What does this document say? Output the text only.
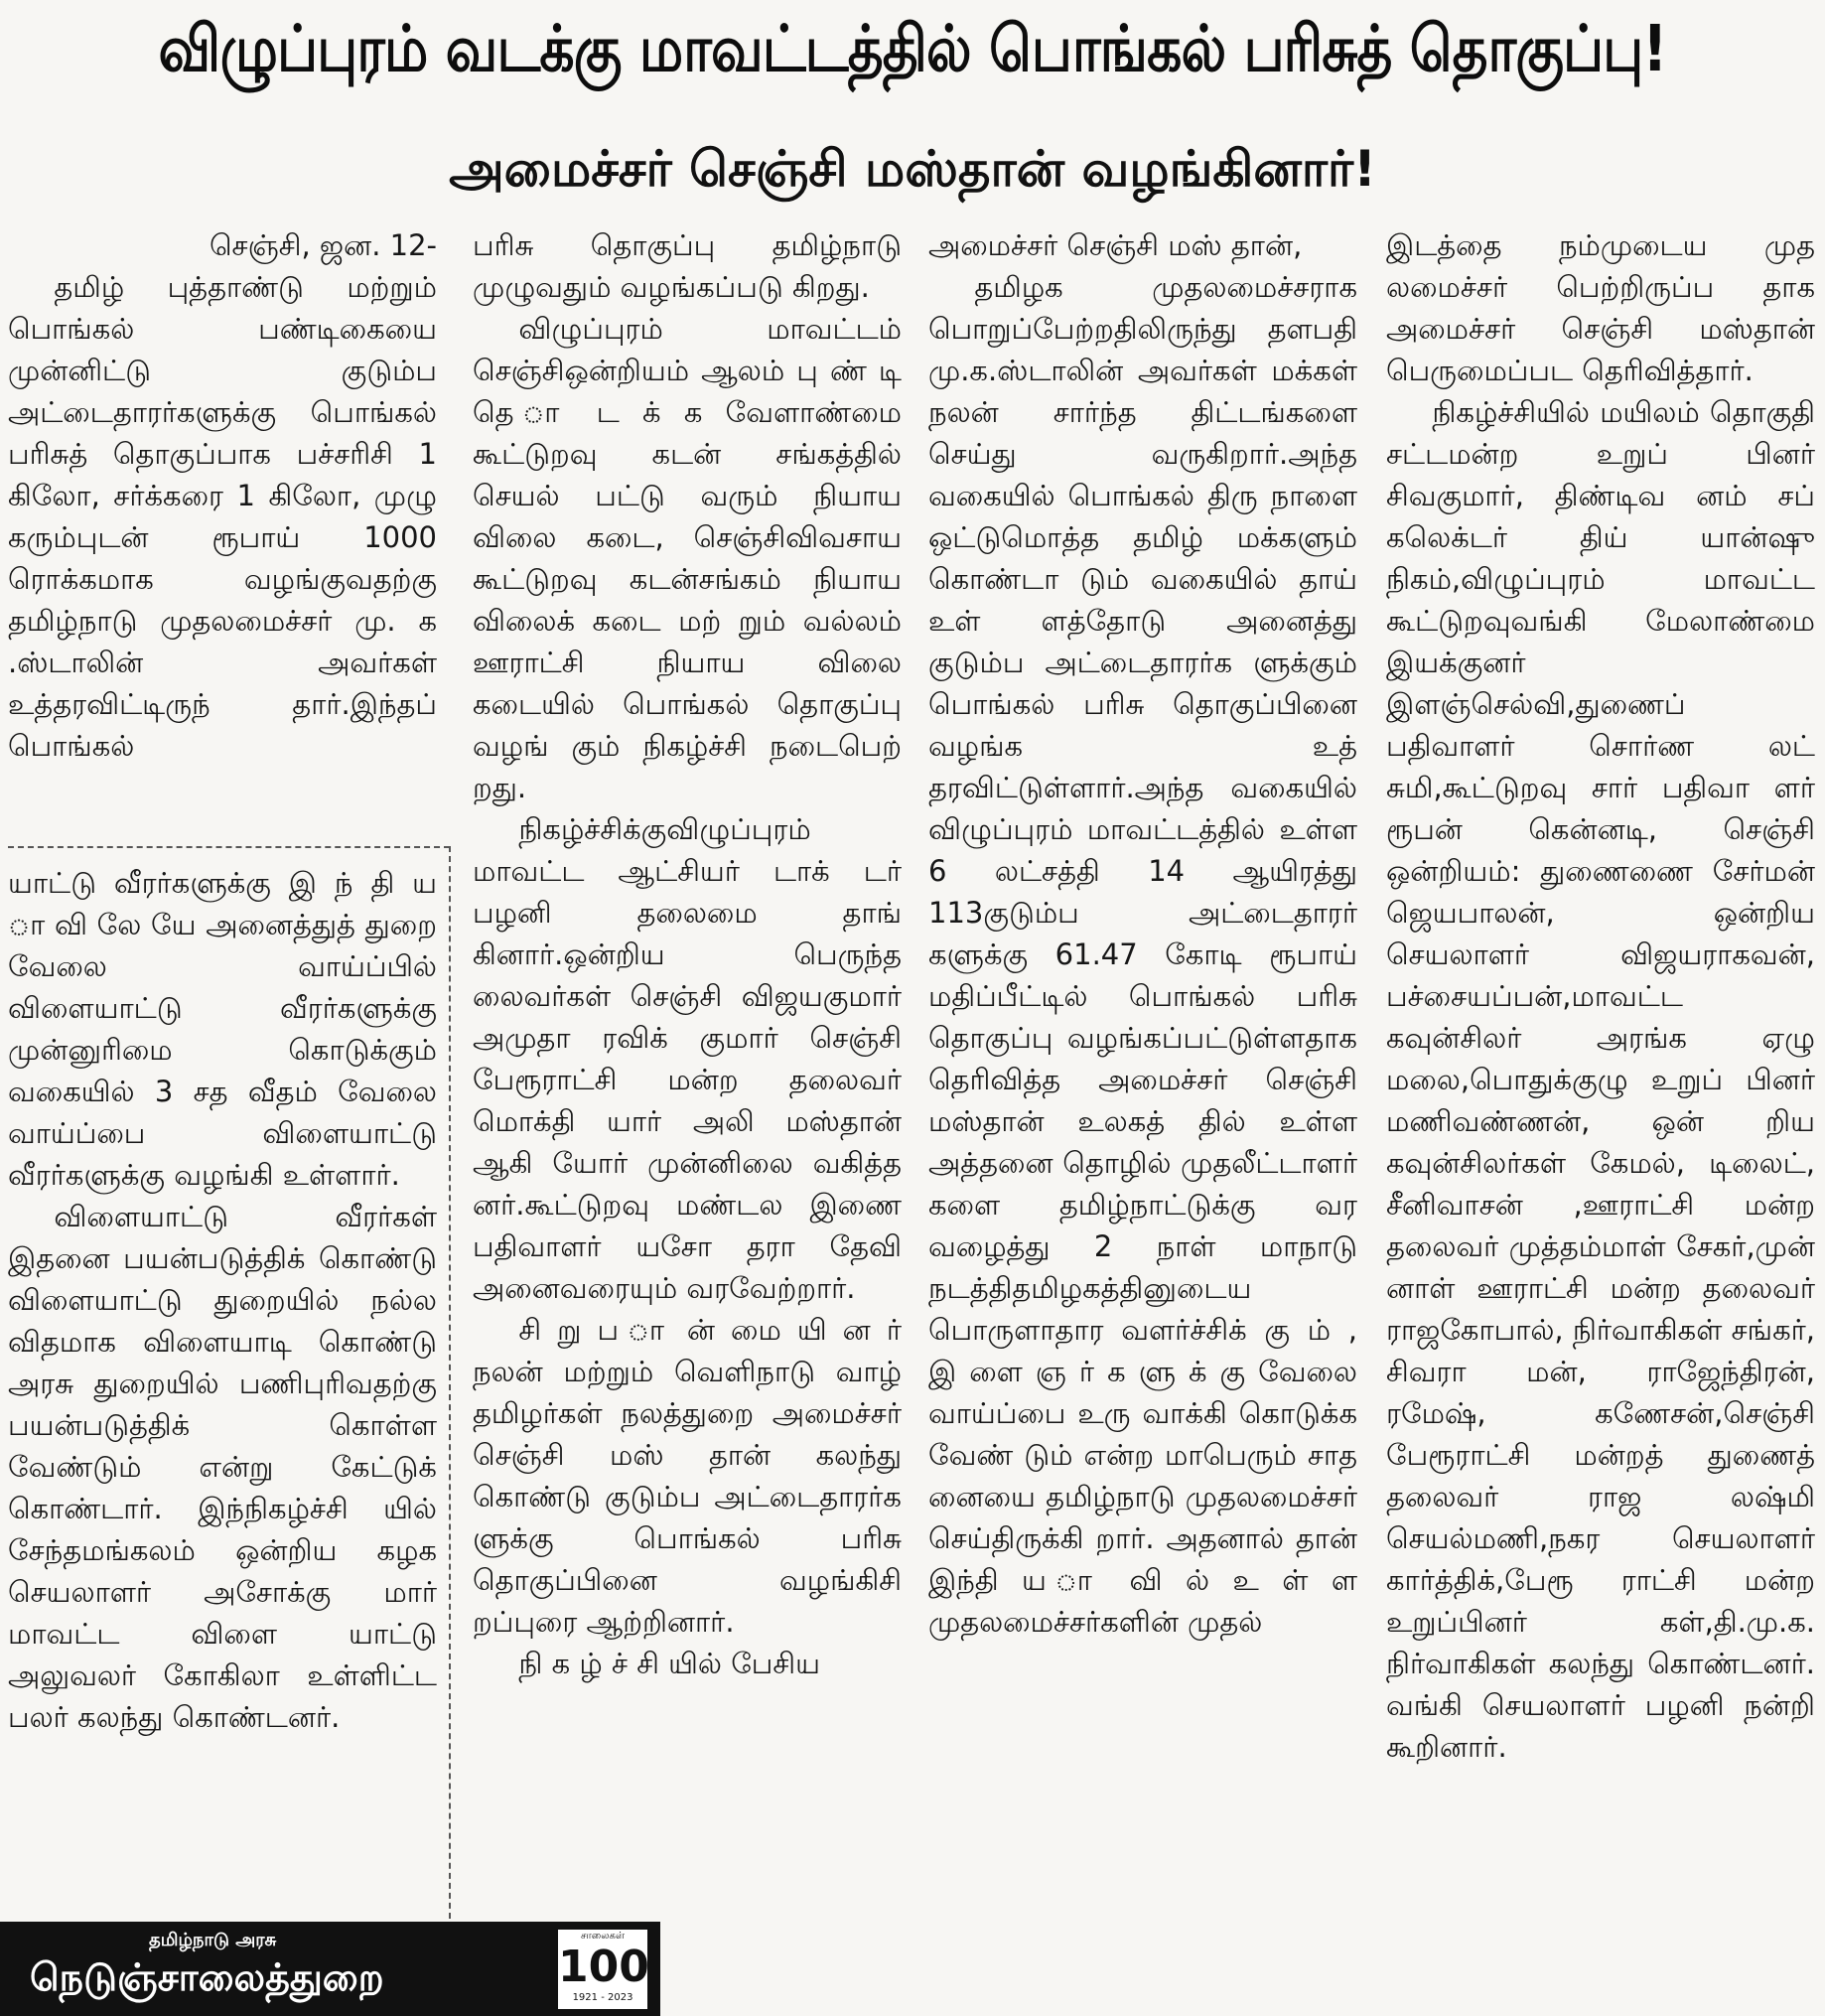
விழுப்புரம் வடக்கு மாவட்டத்தில் பொங்கல் பரிசுத் தொகுப்பு!
அமைச்சர் செஞ்சி மஸ்தான் வழங்கினார்!

செஞ்சி, ஜன. 12-

தமிழ் புத்தாண்டு மற்றும் பொங்கல் பண்டிகையை முன்னிட்டு குடும்ப அட்டைதாரர்களுக்கு பொங்கல் பரிசுத் தொகுப்பாக பச்சரிசி 1 கிலோ, சர்க்கரை 1 கிலோ, முழு கரும்புடன் ரூபாய் 1000 ரொக்கமாக வழங்குவதற்கு தமிழ்நாடு முதலமைச்சர் மு. க .ஸ்டாலின் அவர்கள் உத்தரவிட்டிருந் தார்.இந்தப் பொங்கல்

யாட்டு வீரர்களுக்கு இ ந் தி ய ா வி லே யே அனைத்துத் துறை வேலை வாய்ப்பில் விளையாட்டு வீரர்களுக்கு முன்னுரிமை கொடுக்கும் வகையில் 3 சத வீதம் வேலை வாய்ப்பை விளையாட்டு வீரர்களுக்கு வழங்கி உள்ளார்.

விளையாட்டு வீரர்கள் இதனை பயன்படுத்திக் கொண்டு விளையாட்டு துறையில் நல்ல விதமாக விளையாடி கொண்டு அரசு துறையில் பணிபுரிவதற்கு பயன்படுத்திக் கொள்ள வேண்டும் என்று கேட்டுக் கொண்டார். இந்நிகழ்ச்சி யில் சேந்தமங்கலம் ஒன்றிய கழக செயலாளர் அசோக்கு மார் மாவட்ட விளை யாட்டு அலுவலர் கோகிலா உள்ளிட்ட பலர் கலந்து கொண்டனர்.

பரிசு தொகுப்பு தமிழ்நாடு முழுவதும் வழங்கப்படு கிறது.

விழுப்புரம் மாவட்டம் செஞ்சிஒன்றியம் ஆலம் பு ண் டி தெ ா ட க் க வேளாண்மை கூட்டுறவு கடன் சங்கத்தில் செயல் பட்டு வரும் நியாய விலை கடை, செஞ்சிவிவசாய கூட்டுறவு கடன்சங்கம் நியாய விலைக் கடை மற் றும் வல்லம் ஊராட்சி நியாய விலை கடையில் பொங்கல் தொகுப்பு வழங் கும் நிகழ்ச்சி நடைபெற் றது.

நிகழ்ச்சிக்குவிழுப்புரம் மாவட்ட ஆட்சியர் டாக் டர் பழனி தலைமை தாங் கினார்.ஒன்றிய பெருந்த லைவர்கள் செஞ்சி விஜயகுமார் அமுதா ரவிக் குமார் செஞ்சி பேரூராட்சி மன்ற தலைவர் மொக்தி யார் அலி மஸ்தான் ஆகி யோர் முன்னிலை வகித்த னர்.கூட்டுறவு மண்டல இணை பதிவாளர் யசோ தரா தேவி அனைவரையும் வரவேற்றார்.

சி று ப ா ன் மை யி ன ர் நலன் மற்றும் வெளிநாடு வாழ் தமிழர்கள் நலத்துறை அமைச்சர் செஞ்சி மஸ் தான் கலந்து கொண்டு குடும்ப அட்டைதாரர்க ளுக்கு பொங்கல் பரிசு தொகுப்பினை வழங்கிசி றப்புரை ஆற்றினார்.

நி க ழ் ச் சி யில் பேசிய

அமைச்சர் செஞ்சி மஸ் தான்,

தமிழக முதலமைச்சராக பொறுப்பேற்றதிலிருந்து தளபதி மு.க.ஸ்டாலின் அவர்கள் மக்கள் நலன் சார்ந்த திட்டங்களை செய்து வருகிறார்.அந்த வகையில் பொங்கல் திரு நாளை ஒட்டுமொத்த தமிழ் மக்களும் கொண்டா டும் வகையில் தாய் உள் ளத்தோடு அனைத்து குடும்ப அட்டைதாரர்க ளுக்கும் பொங்கல் பரிசு தொகுப்பினை வழங்க உத் தரவிட்டுள்ளார்.அந்த வகையில் விழுப்புரம் மாவட்டத்தில் உள்ள 6 லட்சத்தி 14 ஆயிரத்து 113குடும்ப அட்டைதாரர் களுக்கு 61.47 கோடி ரூபாய் மதிப்பீட்டில் பொங்கல் பரிசு தொகுப்பு வழங்கப்பட்டுள்ளதாக தெரிவித்த அமைச்சர் செஞ்சி மஸ்தான் உலகத் தில் உள்ள அத்தனை தொழில் முதலீட்டாளர் களை தமிழ்நாட்டுக்கு வர வழைத்து 2 நாள் மாநாடு நடத்திதமிழகத்தினுடைய பொருளாதார வளர்ச்சிக் கு ம் , இ ளை ஞ ர் க ளு க் கு வேலை வாய்ப்பை உரு வாக்கி கொடுக்க வேண் டும் என்ற மாபெரும் சாத னையை தமிழ்நாடு முதலமைச்சர் செய்திருக்கி றார். அதனால் தான் இந்தி ய ா வி ல் உ ள் ள முதலமைச்சர்களின் முதல்

இடத்தை நம்முடைய முத லமைச்சர் பெற்றிருப்ப தாக அமைச்சர் செஞ்சி மஸ்தான் பெருமைப்பட தெரிவித்தார்.

நிகழ்ச்சியில் மயிலம் தொகுதி சட்டமன்ற உறுப் பினர் சிவகுமார், திண்டிவ னம் சப் கலெக்டர் திய் யான்ஷு நிகம்,விழுப்புரம் மாவட்ட கூட்டுறவுவங்கி மேலாண்மை இயக்குனர் இளஞ்செல்வி,துணைப் பதிவாளர் சொர்ண லட் சுமி,கூட்டுறவு சார் பதிவா ளர் ரூபன் கென்னடி, செஞ்சி ஒன்றியம்: துணைணை சேர்மன் ஜெயபாலன், ஒன்றிய செயலாளர் விஜயராகவன், பச்சையப்பன்,மாவட்ட கவுன்சிலர் அரங்க ஏழு மலை,பொதுக்குழு உறுப் பினர் மணிவண்ணன், ஒன் றிய கவுன்சிலர்கள் கேமல், டிலைட், சீனிவாசன் ,ஊராட்சி மன்ற தலைவர் முத்தம்மாள் சேகர்,முன் னாள் ஊராட்சி மன்ற தலைவர் ராஜகோபால், நிர்வாகிகள் சங்கர், சிவரா மன், ராஜேந்திரன், ரமேஷ், கணேசன்,செஞ்சி பேரூராட்சி மன்றத் துணைத் தலைவர் ராஜ லஷ்மி செயல்மணி,நகர செயலாளர் கார்த்திக்,பேரூ ராட்சி மன்ற உறுப்பினர் கள்,தி.மு.க. நிர்வாகிகள் கலந்து கொண்டனர். வங்கி செயலாளர் பழனி நன்றி கூறினார்.

தமிழ்நாடு அரசு
நெடுஞ்சாலைத்துறை
சாலைகள்
100
1921 - 2023
